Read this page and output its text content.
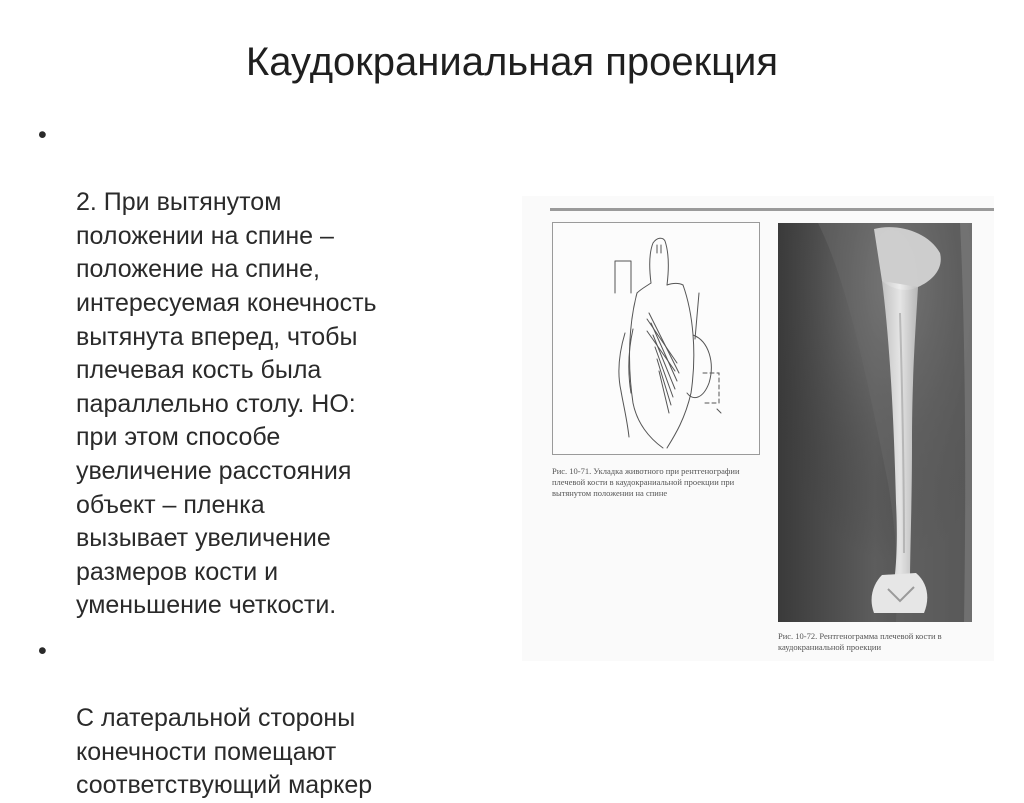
Каудокраниальная проекция

•

2. При вытянутом
положении на спине –
положение на спине,
интересуемая конечность
вытянута вперед, чтобы
плечевая кость была
параллельно столу. НО:
при этом способе
увеличение расстояния
объект – пленка
вызывает увеличение
размеров кости и
уменьшение четкости.

•

С латеральной стороны
конечности помещают
соответствующий маркер

Рис. 10-71. Укладка животного при рентгенографии плечевой кости в каудокраниальной проекции при вытянутом положении на спине
Рис. 10-72. Рентгенограмма плечевой кости в каудокраниальной проекции
